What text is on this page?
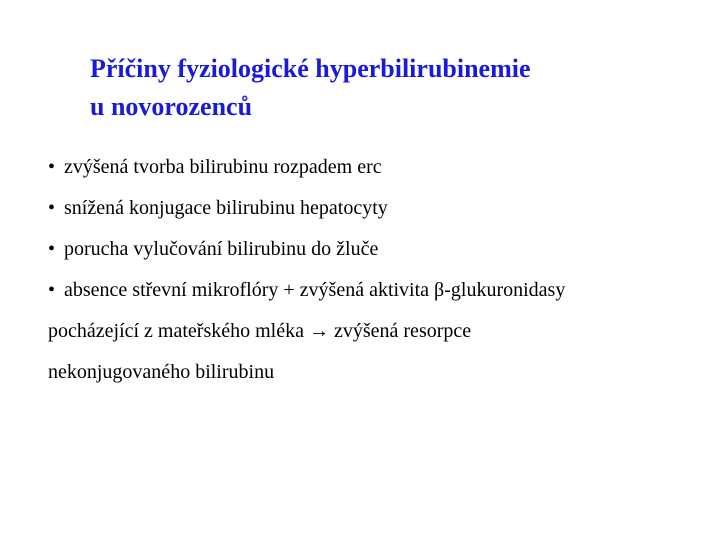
Příčiny fyziologické hyperbilirubinemie
u novorozenců
• zvýšená tvorba bilirubinu rozpadem erc
• snížená konjugace bilirubinu hepatocyty
• porucha vylučování bilirubinu do žluče
• absence střevní mikroflóry + zvýšená aktivita β-glukuronidasy
pocházející z mateřského mléka → zvýšená resorpce
nekonjugovaného bilirubinu
